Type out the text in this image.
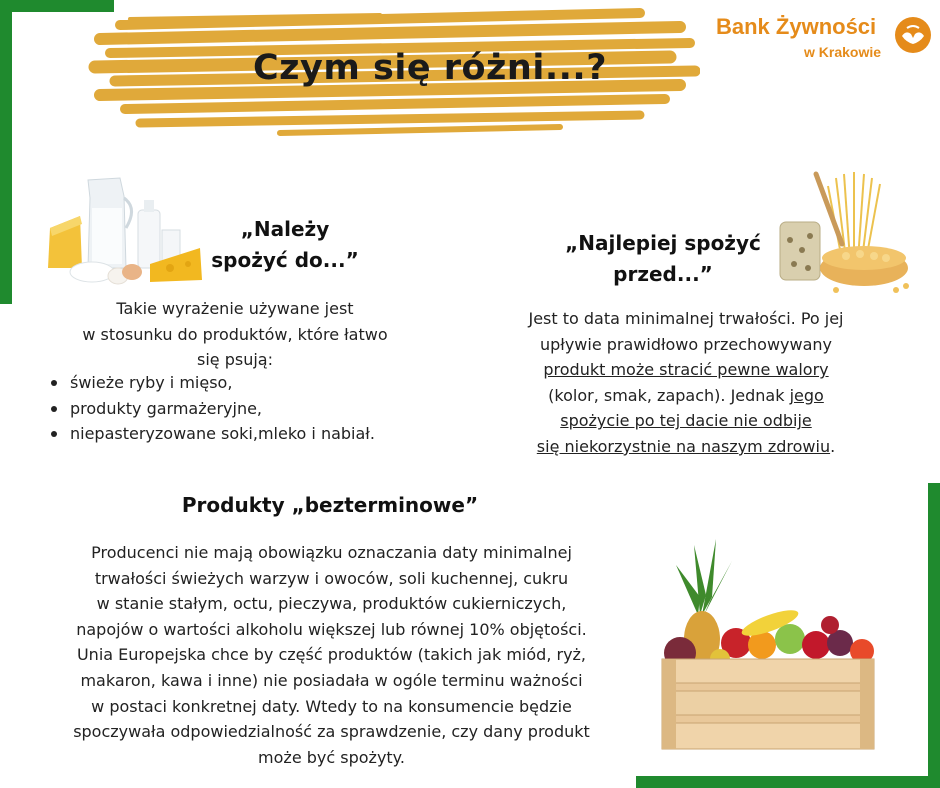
Czym się różni...?
Bank Żywności
w Krakowie
„Należy
spożyć do...”
Takie wyrażenie używane jest
w stosunku do produktów, które łatwo
się psują:
świeże ryby i mięso,
produkty garmażeryjne,
niepasteryzowane soki,mleko i nabiał.
„Najlepiej spożyć
przed...”
Jest to data minimalnej trwałości. Po jej
upływie prawidłowo przechowywany
produkt może stracić pewne walory
(kolor, smak, zapach). Jednak jego
spożycie po tej dacie nie odbije
się niekorzystnie na naszym zdrowiu.
Produkty „bezterminowe”
Producenci nie mają obowiązku oznaczania daty minimalnej
trwałości świeżych warzyw i owoców, soli kuchennej, cukru
w stanie stałym, octu, pieczywa, produktów cukierniczych,
napojów o wartości alkoholu większej lub równej 10% objętości.
Unia Europejska chce by część produktów (takich jak miód, ryż,
makaron, kawa i inne) nie posiadała w ogóle terminu ważności
w postaci konkretnej daty. Wtedy to na konsumencie będzie
spoczywała odpowiedzialność za sprawdzenie, czy dany produkt
może być spożyty.
